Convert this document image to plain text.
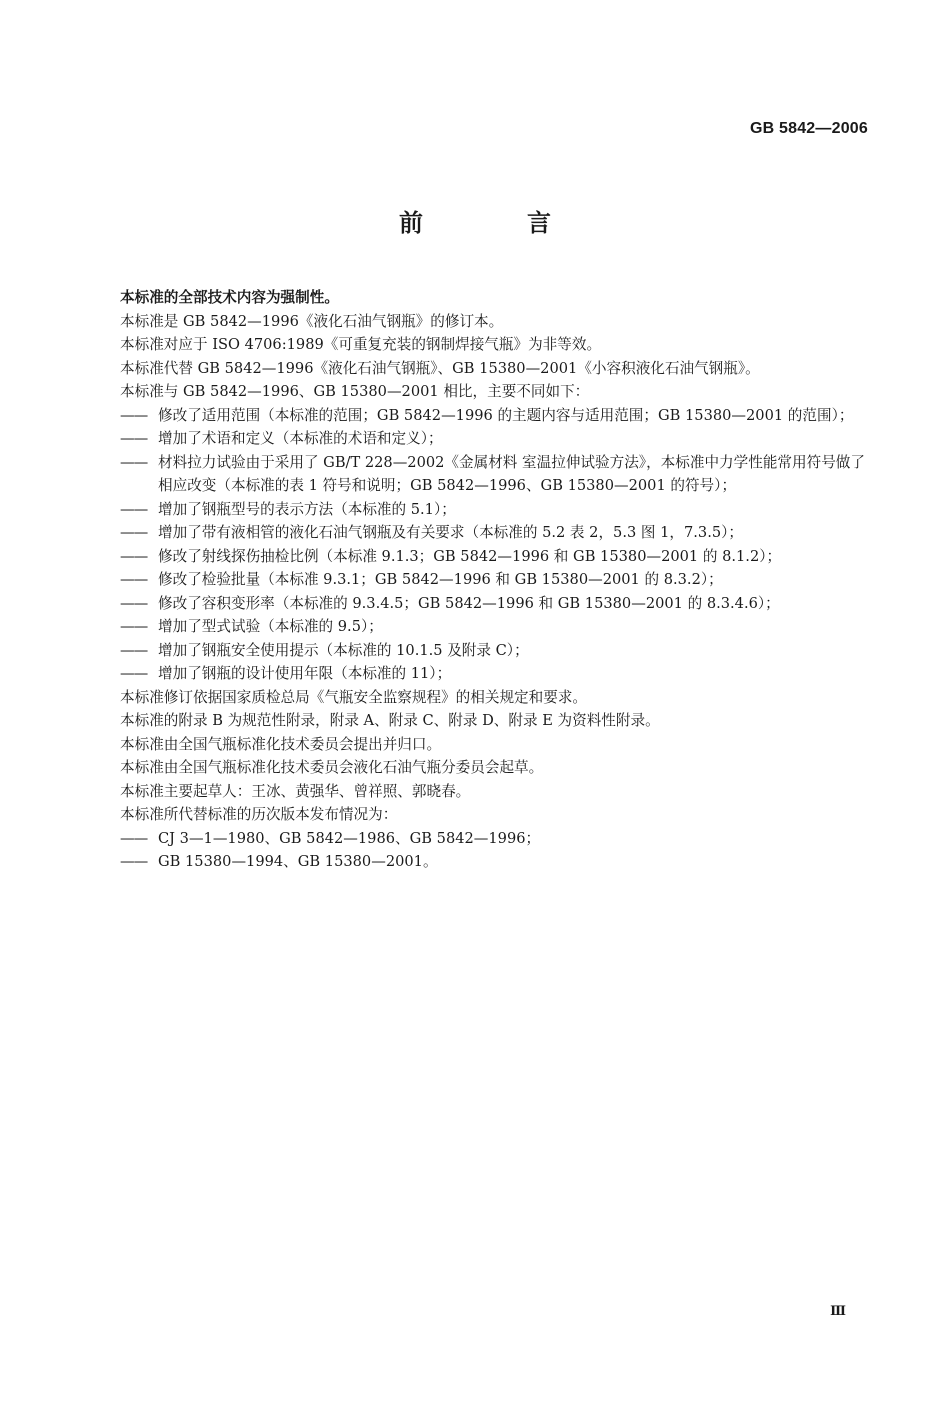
GB 5842—2006
前　言

本标准的全部技术内容为强制性。

本标准是 GB 5842—1996《液化石油气钢瓶》的修订本。

本标准对应于 ISO 4706:1989《可重复充装的钢制焊接气瓶》为非等效。

本标准代替 GB 5842—1996《液化石油气钢瓶》、GB 15380—2001《小容积液化石油气钢瓶》。

本标准与 GB 5842—1996、GB 15380—2001 相比，主要不同如下：

—— 修改了适用范围（本标准的范围；GB 5842—1996 的主题内容与适用范围；GB 15380—2001 的范围）；
—— 增加了术语和定义（本标准的术语和定义）；
—— 材料拉力试验由于采用了 GB/T 228—2002《金属材料 室温拉伸试验方法》，本标准中力学性能常用符号做了相应改变（本标准的表 1 符号和说明；GB 5842—1996、GB 15380—2001 的符号）；
—— 增加了钢瓶型号的表示方法（本标准的 5.1）；
—— 增加了带有液相管的液化石油气钢瓶及有关要求（本标准的 5.2 表 2，5.3 图 1，7.3.5）；
—— 修改了射线探伤抽检比例（本标准 9.1.3；GB 5842—1996 和 GB 15380—2001 的 8.1.2）；
—— 修改了检验批量（本标准 9.3.1；GB 5842—1996 和 GB 15380—2001 的 8.3.2）；
—— 修改了容积变形率（本标准的 9.3.4.5；GB 5842—1996 和 GB 15380—2001 的 8.3.4.6）；
—— 增加了型式试验（本标准的 9.5）；
—— 增加了钢瓶安全使用提示（本标准的 10.1.5 及附录 C）；
—— 增加了钢瓶的设计使用年限（本标准的 11）；

本标准修订依据国家质检总局《气瓶安全监察规程》的相关规定和要求。

本标准的附录 B 为规范性附录，附录 A、附录 C、附录 D、附录 E 为资料性附录。

本标准由全国气瓶标准化技术委员会提出并归口。

本标准由全国气瓶标准化技术委员会液化石油气瓶分委员会起草。

本标准主要起草人：王冰、黄强华、曾祥照、郭晓春。

本标准所代替标准的历次版本发布情况为：

—— CJ 3—1—1980、GB 5842—1986、GB 5842—1996；
—— GB 15380—1994、GB 15380—2001。
Ⅲ
